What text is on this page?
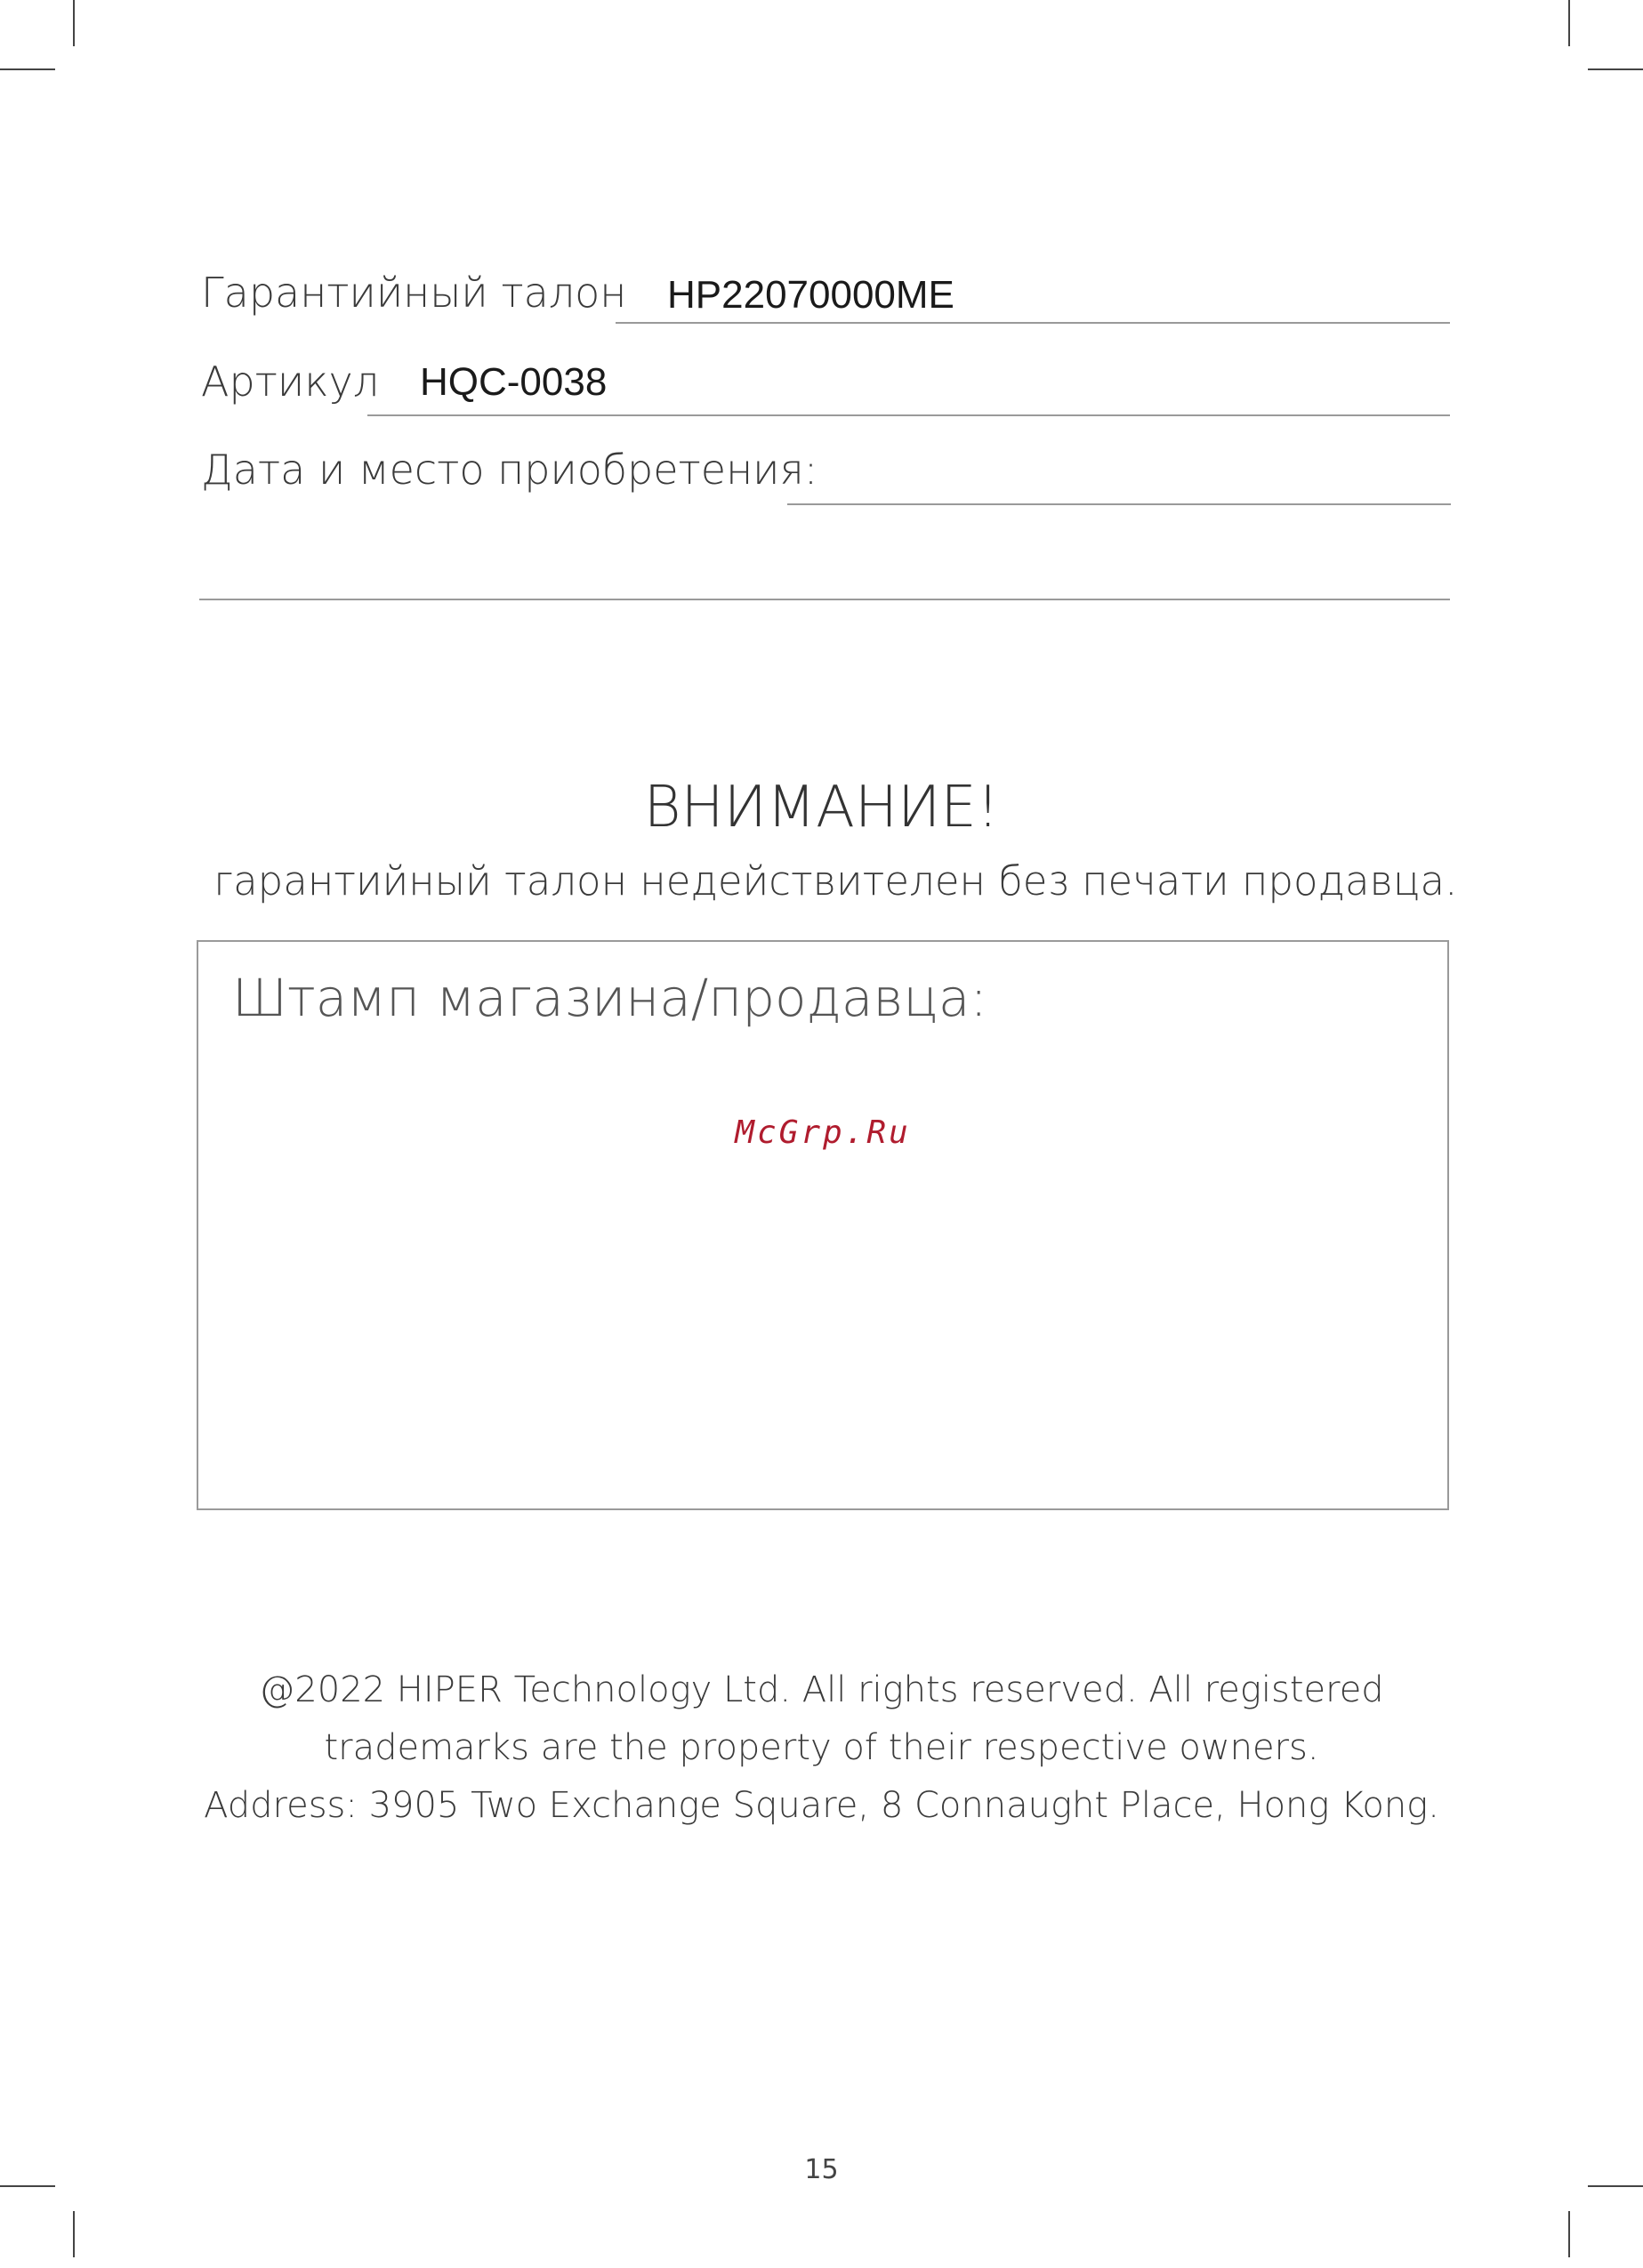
Гарантийный талон HP22070000ME
Артикул HQC-0038
Дата и место приобретения:
ВНИМАНИЕ!
гарантийный талон недействителен без печати продавца.
Штамп магазина/продавца:
McGrp.Ru
@2022 HIPER Technology Ltd. All rights reserved. All registered
trademarks are the property of their respective owners.
Address: 3905 Two Exchange Square, 8 Connaught Place, Hong Kong.
15
